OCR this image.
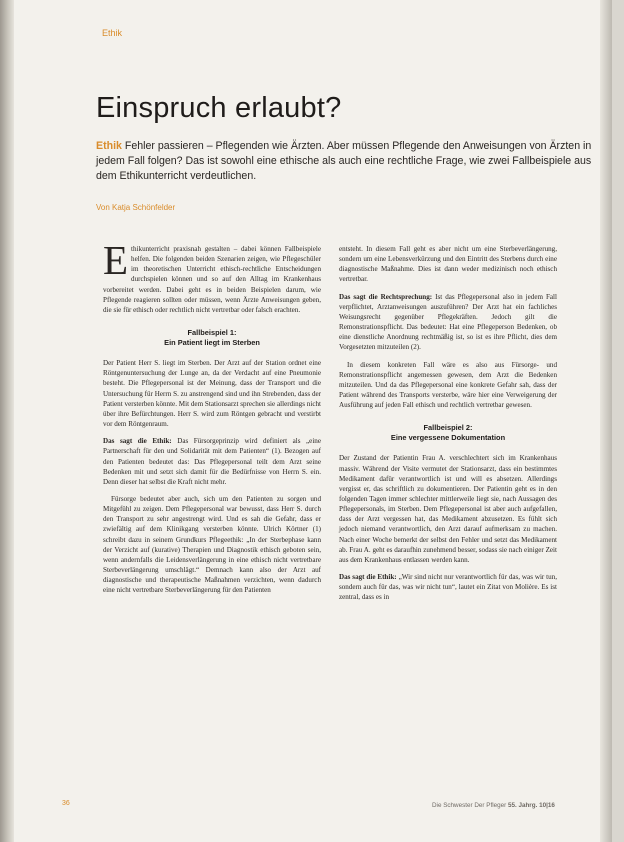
Ethik
Einspruch erlaubt?

Ethik Fehler passieren – Pflegenden wie Ärzten. Aber müssen Pflegende den Anweisungen von Ärzten in jedem Fall folgen? Das ist sowohl eine ethische als auch eine rechtliche Frage, wie zwei Fallbeispiele aus dem Ethikunterricht verdeutlichen.

Von Katja Schönfelder

Ethikunterricht praxisnah gestalten – dabei können Fallbeispiele helfen. Die folgenden beiden Szenarien zeigen, wie Pflegeschüler im theoretischen Unterricht ethisch-rechtliche Entscheidungen durchspielen können und so auf den Alltag im Krankenhaus vorbereitet werden. Dabei geht es in beiden Beispielen darum, wie Pflegende reagieren sollten oder müssen, wenn Ärzte Anweisungen geben, die sie für ethisch oder rechtlich nicht vertretbar oder falsch erachten.

Fallbeispiel 1:
Ein Patient liegt im Sterben

Der Patient Herr S. liegt im Sterben. Der Arzt auf der Station ordnet eine Röntgenuntersuchung der Lunge an, da der Verdacht auf eine Pneumonie besteht. Die Pflegepersonal ist der Meinung, dass der Transport und die Untersuchung für Herrn S. zu anstrengend sind und ihn Strebenden, dass der Patient versterben könnte. Mit dem Stationsarzt sprechen sie allerdings nicht über ihre Befürchtungen. Herr S. wird zum Röntgen gebracht und verstirbt vor dem Röntgenraum.

Das sagt die Ethik: Das Fürsorgeprinzip wird definiert als „eine Partnerschaft für den und Solidarität mit dem Patienten“ (1). Bezogen auf den Patienten bedeutet das: Das Pflegepersonal teilt dem Arzt seine Bedenken mit und setzt sich damit für die Bedürfnisse von Herrn S. ein. Denn dieser hat selbst die Kraft nicht mehr.

Fürsorge bedeutet aber auch, sich um den Patienten zu sorgen und Mitgefühl zu zeigen. Dem Pflegepersonal war bewusst, dass Herr S. durch den Transport zu sehr angestrengt wird. Und es sah die Gefahr, dass er zwiefältig auf dem Klinikgang versterben könnte. Ulrich Körtner (1) schreibt dazu in seinem Grundkurs Pflegeethik: „In der Sterbephase kann der Verzicht auf (kurative) Therapien und Diagnostik ethisch geboten sein, wenn andernfalls die Leidensverlängerung in eine ethisch nicht vertretbare Sterbeverlängerung umschlägt.“ Demnach kann also der Arzt auf diagnostische und therapeutische Maßnahmen verzichten, wenn dadurch eine nicht vertretbare Sterbeverlängerung für den Patienten

entsteht. In diesem Fall geht es aber nicht um eine Sterbeverlängerung, sondern um eine Lebensverkürzung und den Eintritt des Sterbens durch eine diagnostische Maßnahme. Dies ist dann weder medizinisch noch ethisch vertretbar.

Das sagt die Rechtsprechung: Ist das Pflegepersonal also in jedem Fall verpflichtet, Arztanweisungen auszuführen? Der Arzt hat ein fachliches Weisungsrecht gegenüber Pflegekräften. Jedoch gilt die Remonstrationspflicht. Das bedeutet: Hat eine Pflegeperson Bedenken, ob eine dienstliche Anordnung rechtmäßig ist, so ist es ihre Pflicht, dies dem Vorgesetzten mitzuteilen (2).

In diesem konkreten Fall wäre es also aus Fürsorge- und Remonstrationspflicht angemessen gewesen, dem Arzt die Bedenken mitzuteilen. Und da das Pflegepersonal eine konkrete Gefahr sah, dass der Patient während des Transports versterbe, wäre hier eine Verweigerung der Ausführung auf jeden Fall ethisch und rechtlich vertretbar gewesen.

Fallbeispiel 2:
Eine vergessene Dokumentation

Der Zustand der Patientin Frau A. verschlechtert sich im Krankenhaus massiv. Während der Visite vermutet der Stationsarzt, dass ein bestimmtes Medikament dafür verantwortlich ist und will es absetzen. Allerdings vergisst er, das schriftlich zu dokumentieren. Der Patientin geht es in den folgenden Tagen immer schlechter mittlerweile liegt sie, nach Aussagen des Pflegepersonals, im Sterben. Dem Pflegepersonal ist aber auch aufgefallen, dass der Arzt vergessen hat, das Medikament abzusetzen. Es fühlt sich jedoch niemand verantwortlich, den Arzt darauf aufmerksam zu machen. Nach einer Woche bemerkt der selbst den Fehler und setzt das Medikament ab. Frau A. geht es daraufhin zunehmend besser, sodass sie nach einiger Zeit aus dem Krankenhaus entlassen werden kann.

Das sagt die Ethik: „Wir sind nicht nur verantwortlich für das, was wir tun, sondern auch für das, was wir nicht tun“, lautet ein Zitat von Molière. Es ist zentral, dass es in

36	Die Schwester Der Pfleger 55. Jahrg. 10|16
